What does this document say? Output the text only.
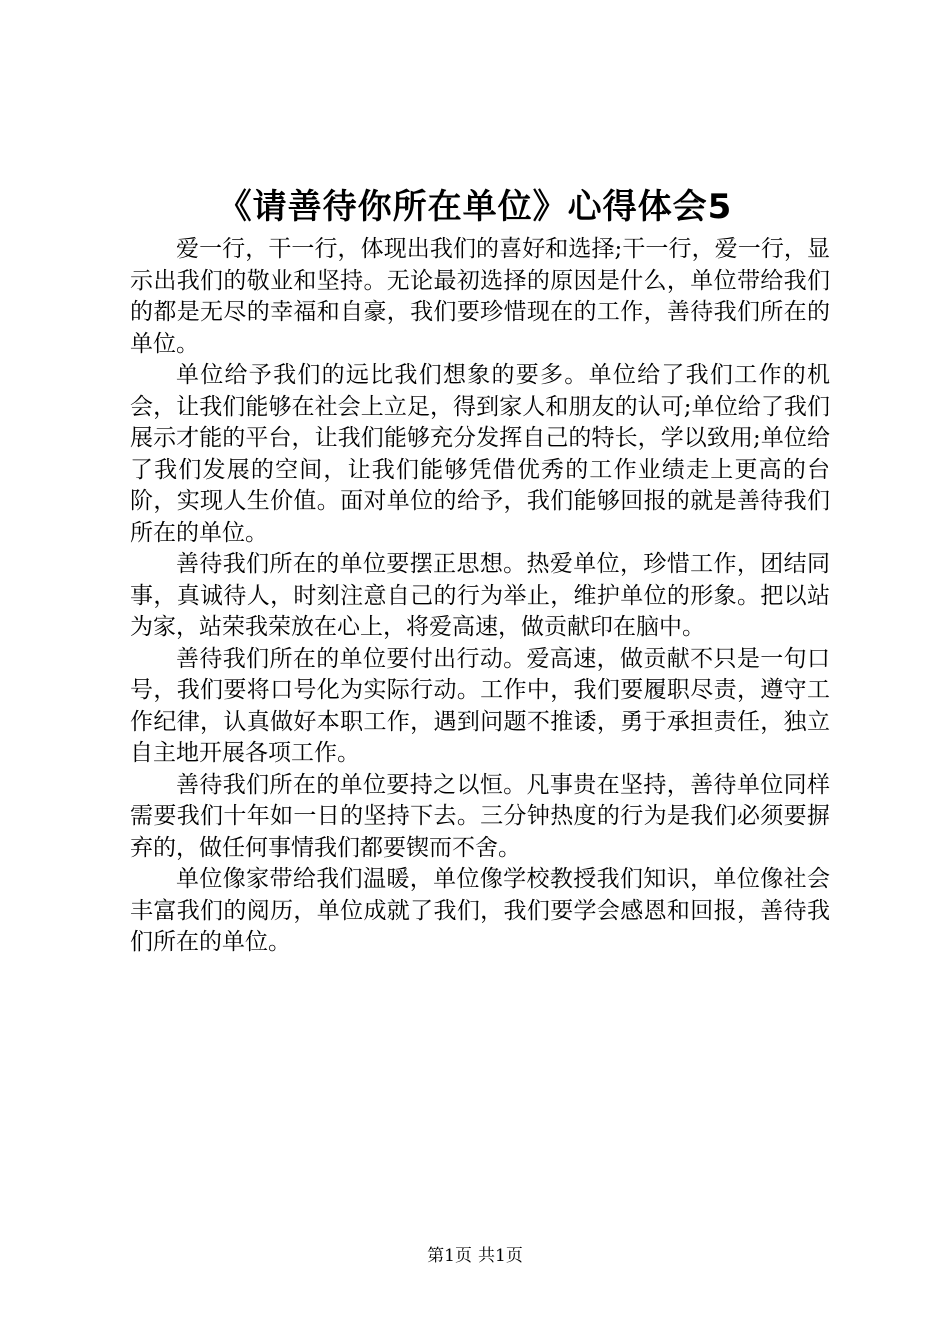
《请善待你所在单位》心得体会5

爱一行，干一行，体现出我们的喜好和选择;干一行，爱一行，显示出我们的敬业和坚持。无论最初选择的原因是什么，单位带给我们的都是无尽的幸福和自豪，我们要珍惜现在的工作，善待我们所在的单位。

单位给予我们的远比我们想象的要多。单位给了我们工作的机会，让我们能够在社会上立足，得到家人和朋友的认可;单位给了我们展示才能的平台，让我们能够充分发挥自己的特长，学以致用;单位给了我们发展的空间，让我们能够凭借优秀的工作业绩走上更高的台阶，实现人生价值。面对单位的给予，我们能够回报的就是善待我们所在的单位。

善待我们所在的单位要摆正思想。热爱单位，珍惜工作，团结同事，真诚待人，时刻注意自己的行为举止，维护单位的形象。把以站为家，站荣我荣放在心上，将爱高速，做贡献印在脑中。

善待我们所在的单位要付出行动。爱高速，做贡献不只是一句口号，我们要将口号化为实际行动。工作中，我们要履职尽责，遵守工作纪律，认真做好本职工作，遇到问题不推诿，勇于承担责任，独立自主地开展各项工作。

善待我们所在的单位要持之以恒。凡事贵在坚持，善待单位同样需要我们十年如一日的坚持下去。三分钟热度的行为是我们必须要摒弃的，做任何事情我们都要锲而不舍。

单位像家带给我们温暖，单位像学校教授我们知识，单位像社会丰富我们的阅历，单位成就了我们，我们要学会感恩和回报，善待我们所在的单位。

第1页 共1页
